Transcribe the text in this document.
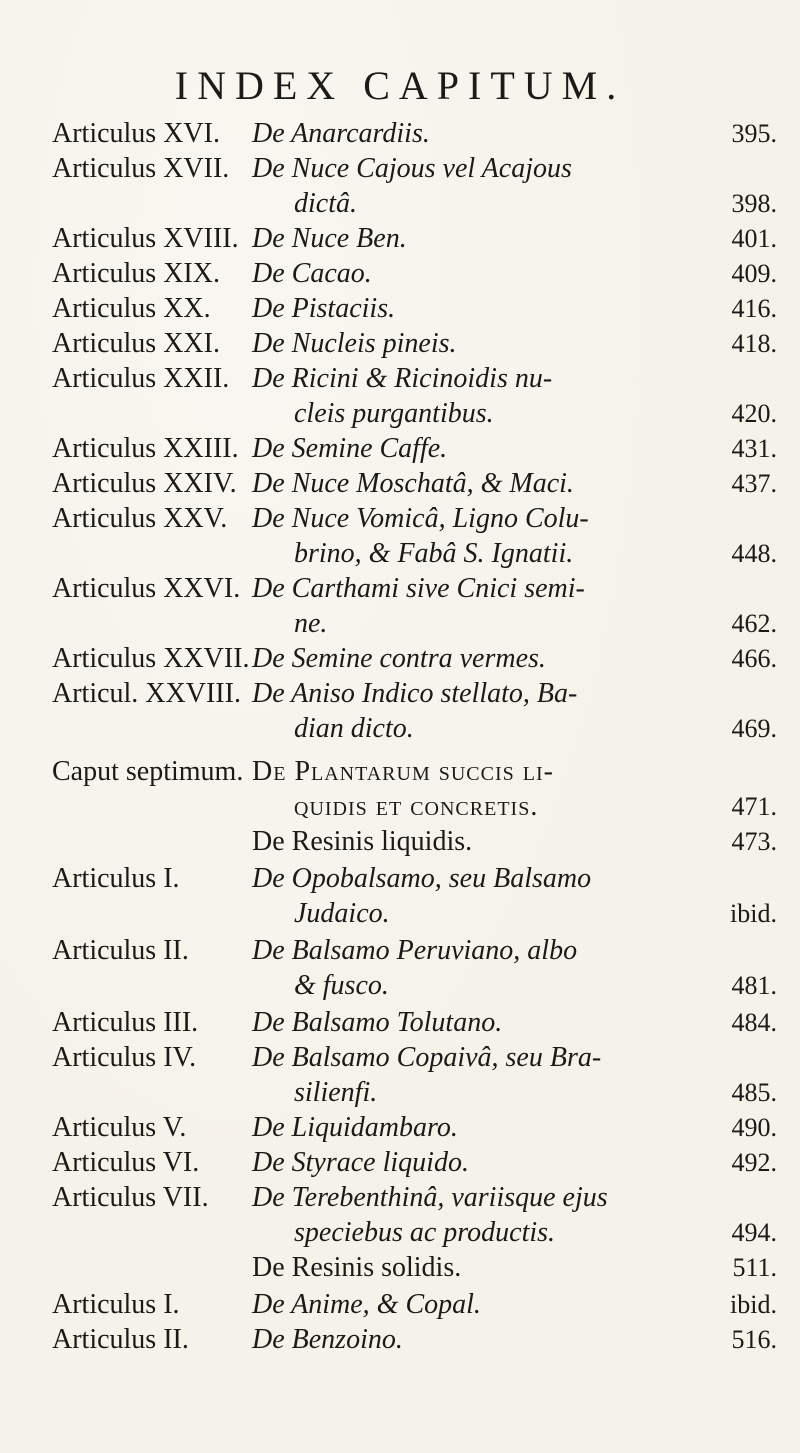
INDEX CAPITUM.
Articulus XVI.	De Anarcardiis.	395.
Articulus XVII. De Nuce Cajous vel Acajous
dictâ.	398.
Articulus XVIII. De Nuce Ben.	401.
Articulus XIX.	De Cacao.	409.
Articulus XX.	De Pistaciis.	416.
Articulus XXI.	De Nucleis pineis.	418.
Articulus XXII. De Ricini & Ricinoidis nu-
cleis purgantibus.	420.
Articulus XXIII. De Semine Caffe.	431.
Articulus XXIV. De Nuce Moschatâ, & Maci.	437.
Articulus XXV. De Nuce Vomicâ, Ligno Colu-
brino, & Fabâ S. Ignatii.	448.
Articulus XXVI. De Carthami sive Cnici semi-
ne.	462.
Articulus XXVII. De Semine contra vermes.	466.
Articul. XXVIII. De Aniso Indico stellato, Ba-
dian dicto.	469.
Caput septimum. De Plantarum succis li-
quidis et concretis.	471.
De Resinis liquidis.	473.
Articulus I.	De Opobalsamo, seu Balsamo
Judaico.	ibid.
Articulus II.	De Balsamo Peruviano, albo
& fusco.	481.
Articulus III.	De Balsamo Tolutano.	484.
Articulus IV.	De Balsamo Copaivâ, seu Bra-
silienfi.	485.
Articulus V.	De Liquidambaro.	490.
Articulus VI.	De Styrace liquido.	492.
Articulus VII.	De Terebenthinâ, variisque ejus
speciebus ac productis.	494.
De Resinis solidis.	511.
Articulus I.	De Anime, & Copal.	ibid.
Articulus II.	De Benzoino.	516.
